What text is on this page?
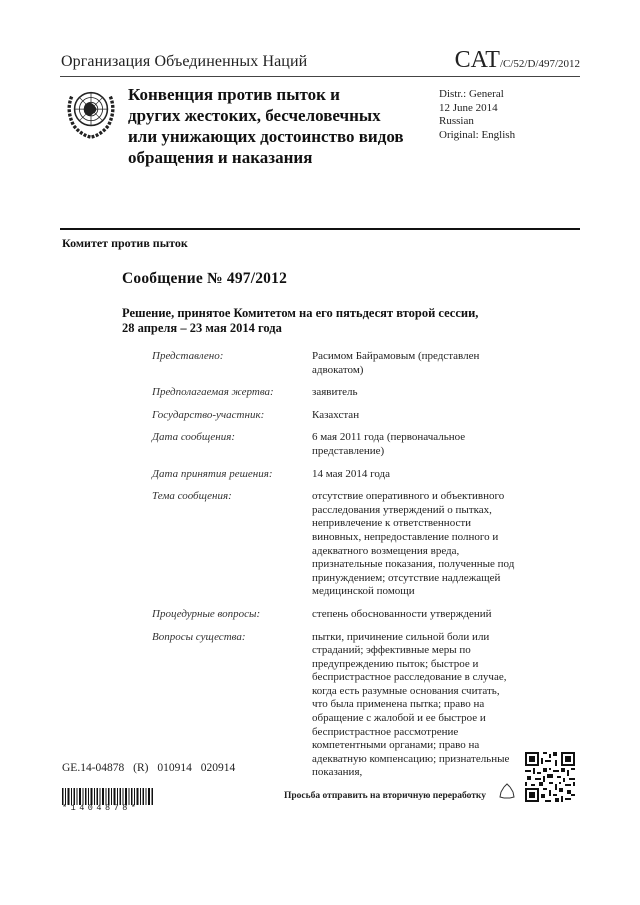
Организация Объединенных Наций	CAT/C/52/D/497/2012
Конвенция против пыток и
других жестоких, бесчеловечных
или унижающих достоинство видов
обращения и наказания
Distr.: General
12 June 2014
Russian
Original: English
Комитет против пыток
Сообщение № 497/2012
Решение, принятое Комитетом на его пятьдесят второй сессии,
28 апреля – 23 мая 2014 года
Представлено:	Расимом Байрамовым (представлен адвокатом)
Предполагаемая жертва:	заявитель
Государство-участник:	Казахстан
Дата сообщения:	6 мая 2011 года (первоначальное представление)
Дата принятия решения:	14 мая 2014 года
Тема сообщения:	отсутствие оперативного и объективного расследования утверждений о пытках, непривлечение к ответственности виновных, непредоставление полного и адекватного возмещения вреда, признательные показания, полученные под принуждением; отсутствие надлежащей медицинской помощи
Процедурные вопросы:	степень обоснованности утверждений
Вопросы существа:	пытки, причинение сильной боли или страданий; эффективные меры по предупреждению пыток; быстрое и беспристрастное расследование в случае, когда есть разумные основания считать, что была применена пытка; право на обращение с жалобой и ее быстрое и беспристрастное рассмотрение компетентными органами; право на адекватную компенсацию; признательные показания,
GE.14-04878 (R) 010914 020914
*1404878*
Просьба отправить на вторичную переработку
